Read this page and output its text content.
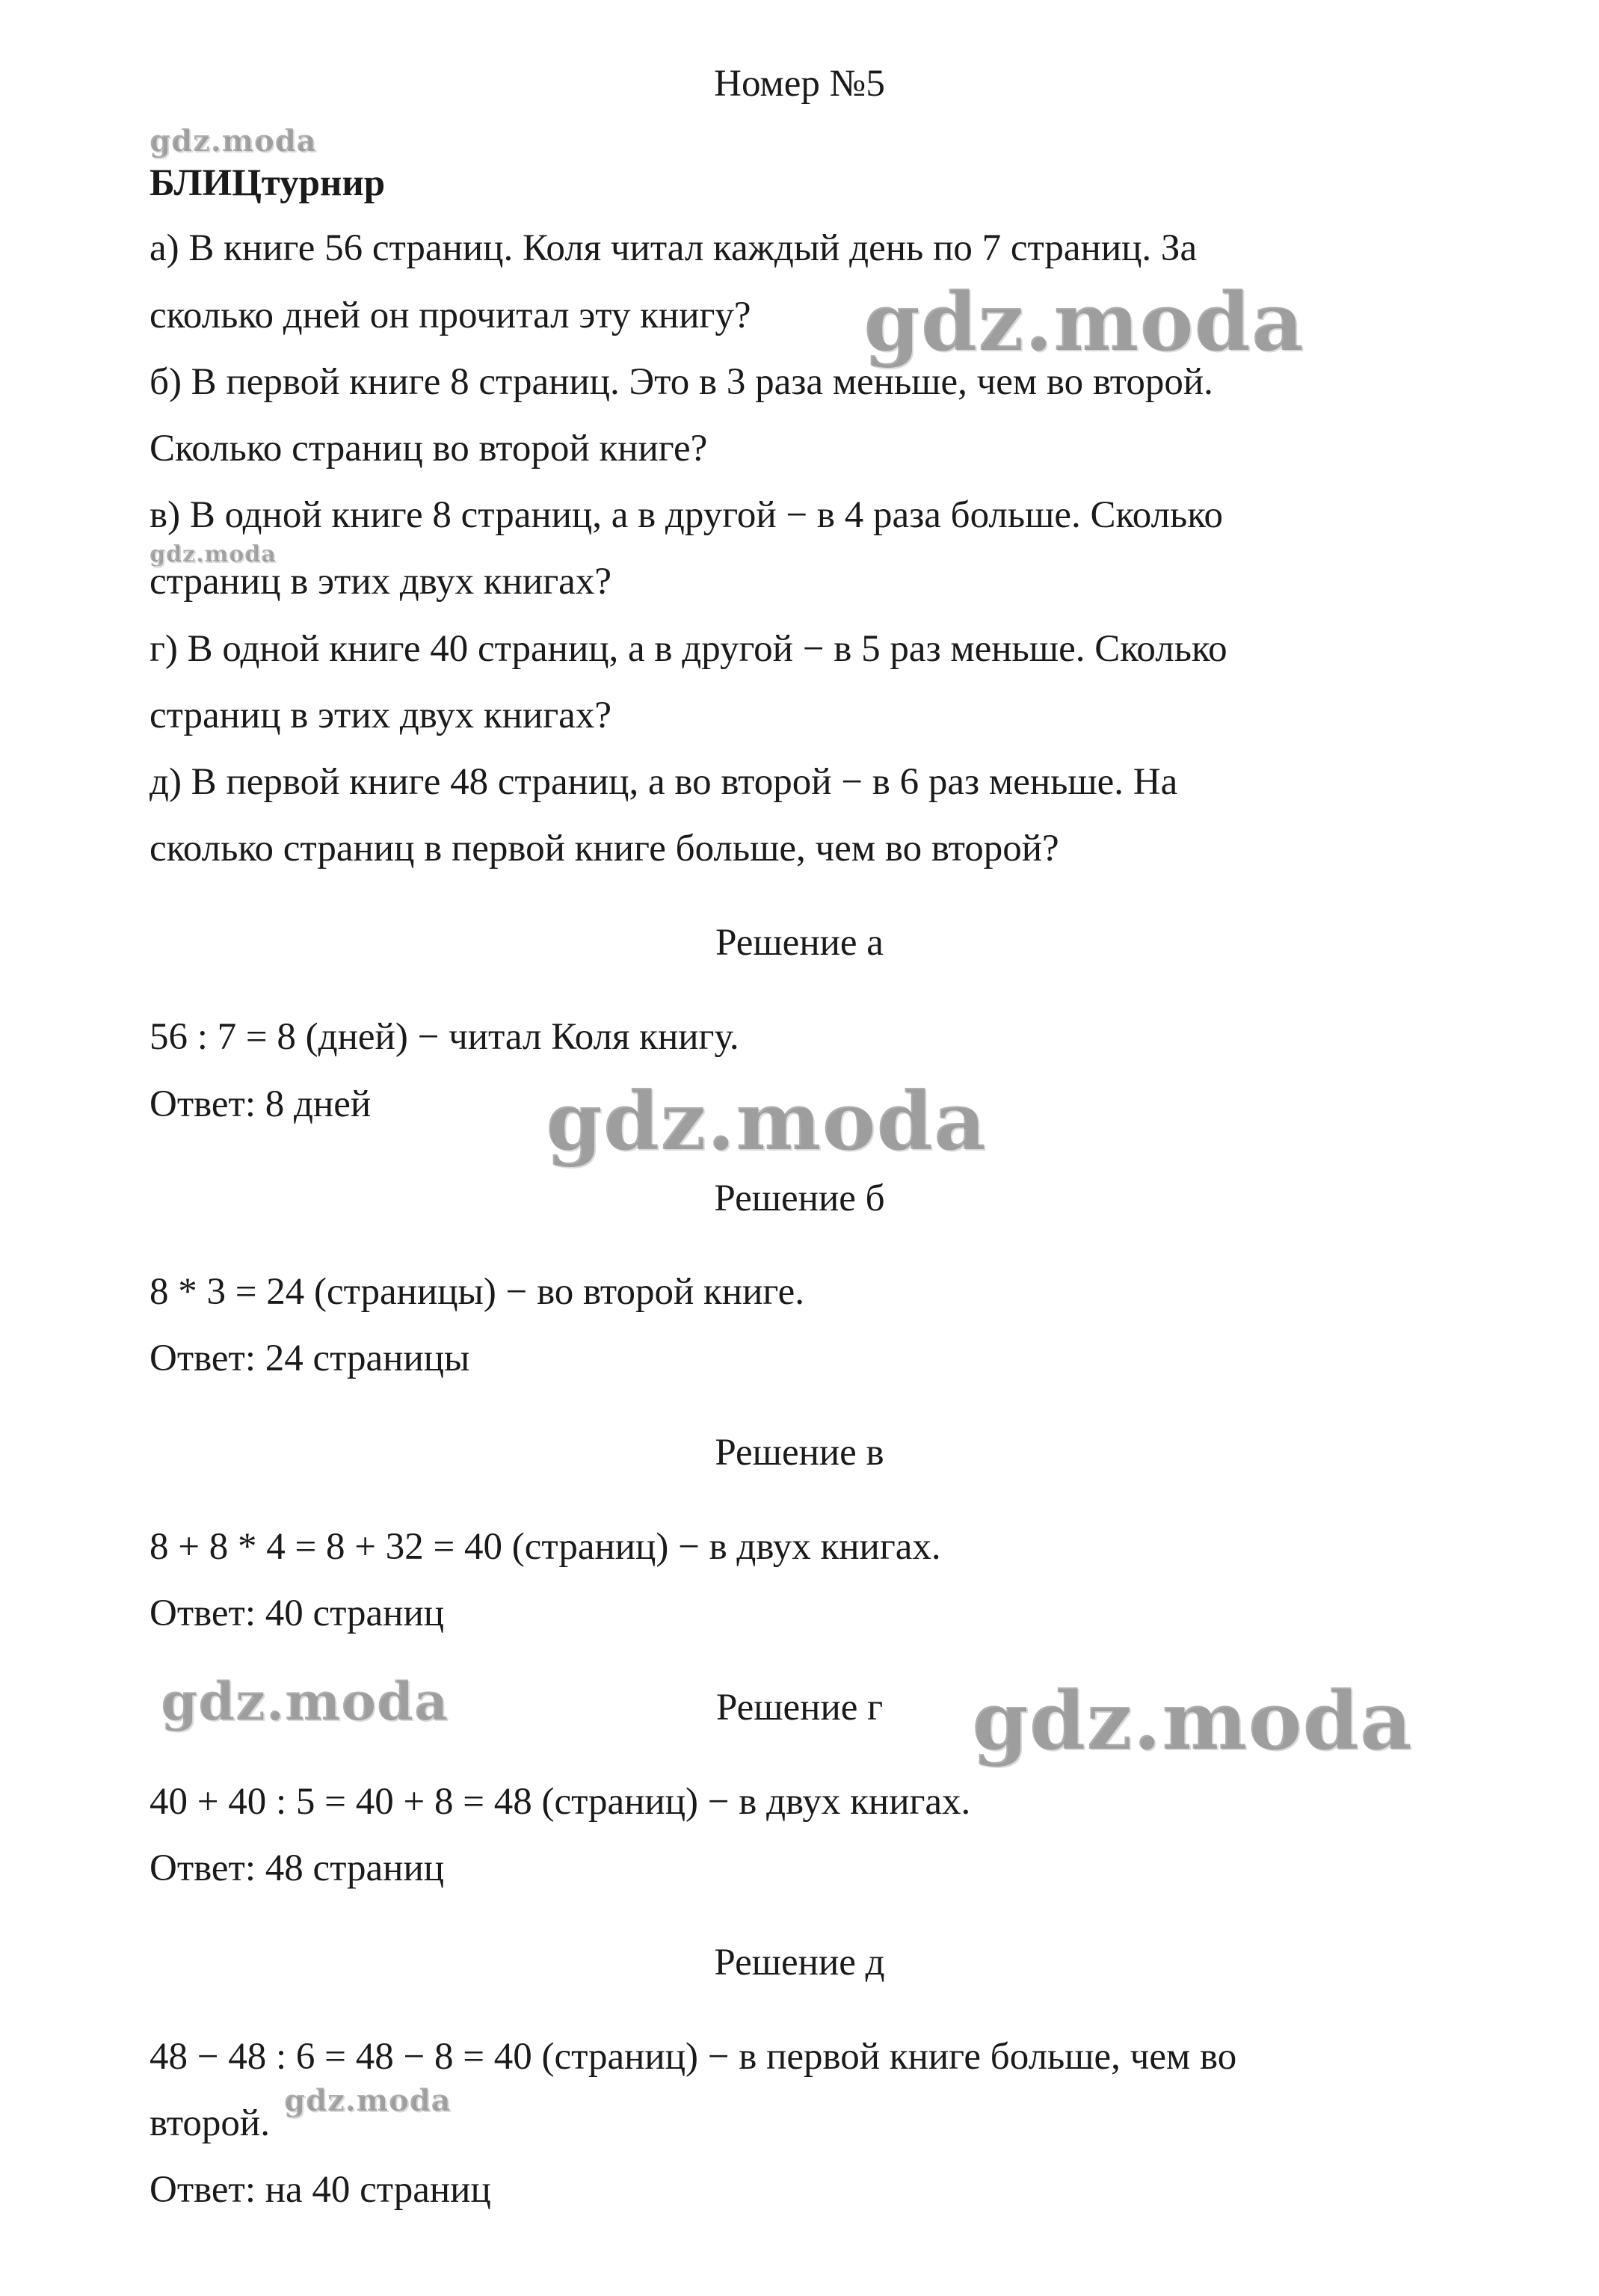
Номер №5
БЛИЦтурнир
а) В книге 56 страниц. Коля читал каждый день по 7 страниц. За
сколько дней он прочитал эту книгу?
б) В первой книге 8 страниц. Это в 3 раза меньше, чем во второй.
Сколько страниц во второй книге?
в) В одной книге 8 страниц, а в другой − в 4 раза больше. Сколько
страниц в этих двух книгах?
г) В одной книге 40 страниц, а в другой − в 5 раз меньше. Сколько
страниц в этих двух книгах?
д) В первой книге 48 страниц, а во второй − в 6 раз меньше. На
сколько страниц в первой книге больше, чем во второй?
Решение а
56 : 7 = 8 (дней) − читал Коля книгу.
Ответ: 8 дней
Решение б
8 * 3 = 24 (страницы) − во второй книге.
Ответ: 24 страницы
Решение в
8 + 8 * 4 = 8 + 32 = 40 (страниц) − в двух книгах.
Ответ: 40 страниц
Решение г
40 + 40 : 5 = 40 + 8 = 48 (страниц) − в двух книгах.
Ответ: 48 страниц
Решение д
48 − 48 : 6 = 48 − 8 = 40 (страниц) − в первой книге больше, чем во
второй.
Ответ: на 40 страниц
gdz.moda
gdz.moda
gdz.moda
gdz.moda
gdz.moda	gdz.moda
gdz.moda
